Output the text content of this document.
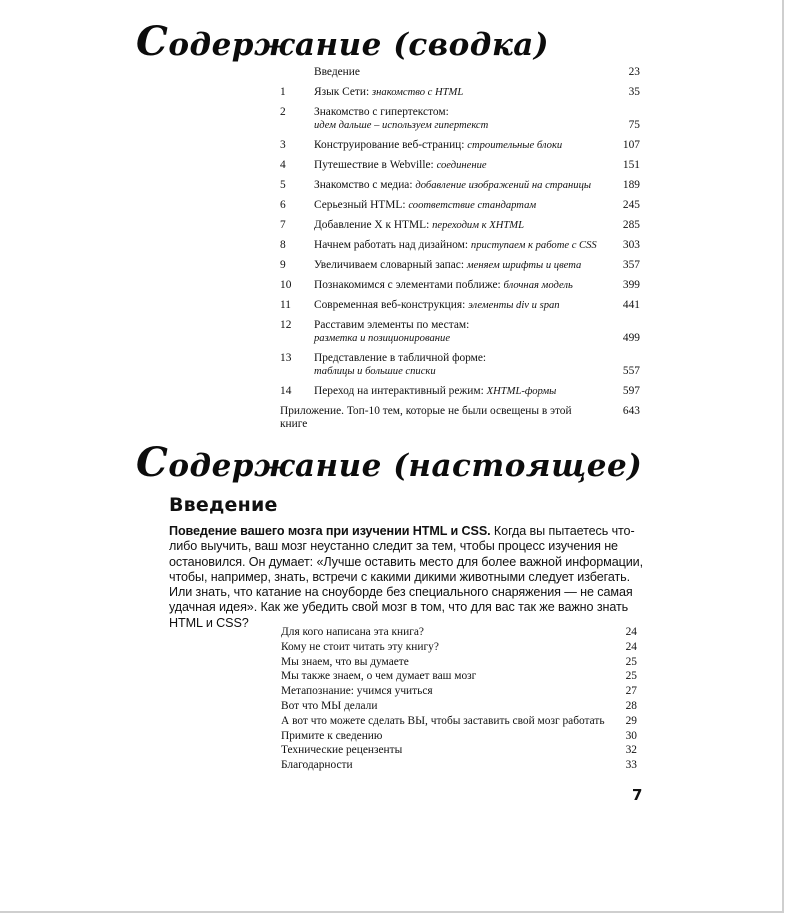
Содержание (сводка)
Введение	23
1	Язык Сети: знакомство с HTML	35
2	Знакомство с гипертекстом:
идем дальше – используем гипертекст	75
3	Конструирование веб-страниц: строительные блоки	107
4	Путешествие в Webville: соединение	151
5	Знакомство с медиа: добавление изображений на страницы	189
6	Серьезный HTML: соответствие стандартам	245
7	Добавление X к HTML: переходим к XHTML	285
8	Начнем работать над дизайном: приступаем к работе с CSS	303
9	Увеличиваем словарный запас: меняем шрифты и цвета	357
10	Познакомимся с элементами поближе: блочная модель	399
11	Современная веб-конструкция: элементы div и span	441
12	Расставим элементы по местам:
разметка и позиционирование	499
13	Представление в табличной форме:
таблицы и большие списки	557
14	Переход на интерактивный режим: XHTML-формы	597
Приложение. Топ-10 тем, которые не были освещены в этой книге
643
Содержание (настоящее)
Введение
Поведение вашего мозга при изучении HTML и CSS. Когда вы пытаетесь что-либо выучить, ваш мозг неустанно следит за тем, чтобы процесс изучения не остановился. Он думает: «Лучше оставить место для более важной информации, чтобы, например, знать, встречи с какими дикими животными следует избегать. Или знать, что катание на сноуборде без специального снаряжения — не самая удачная идея». Как же убедить свой мозг в том, что для вас так же важно знать HTML и CSS?
Для кого написана эта книга?	24
Кому не стоит читать эту книгу?	24
Мы знаем, что вы думаете	25
Мы также знаем, о чем думает ваш мозг	25
Метапознание: учимся учиться	27
Вот что МЫ делали	28
А вот что можете сделать ВЫ, чтобы заставить свой мозг работать	29
Примите к сведению	30
Технические рецензенты	32
Благодарности	33
7
